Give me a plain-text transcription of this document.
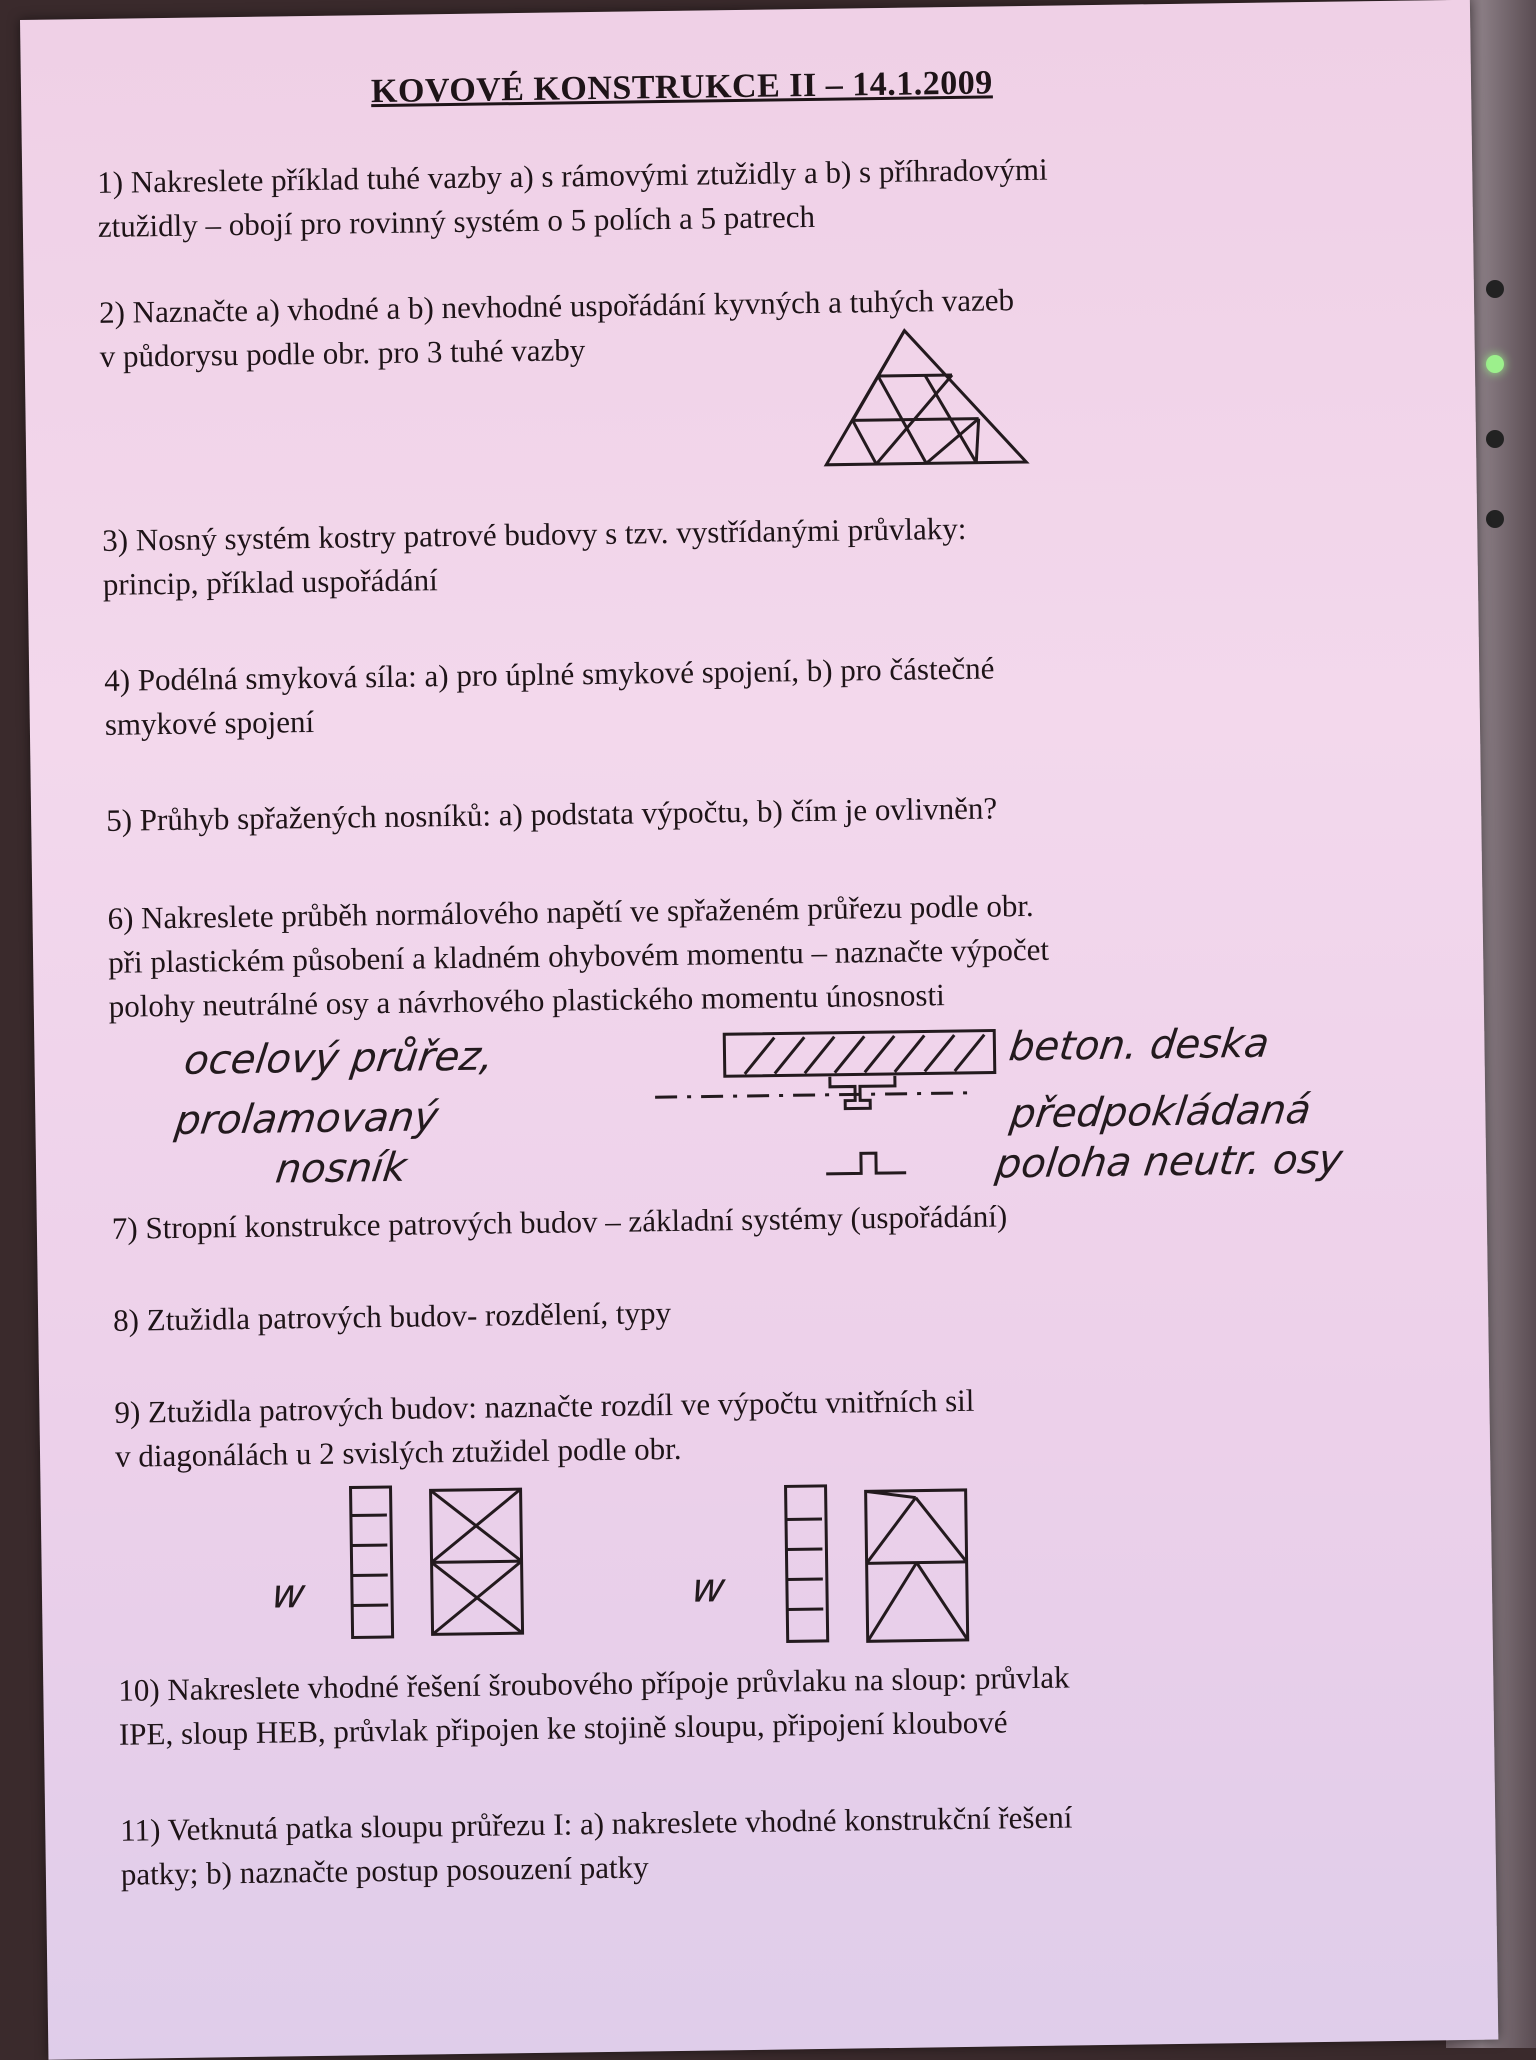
KOVOVÉ KONSTRUKCE II – 14.1.2009

1) Nakreslete příklad tuhé vazby a) s rámovými ztužidly a b) s příhradovými

ztužidly – obojí pro rovinný systém o 5 polích a 5 patrech

2) Naznačte a) vhodné a b) nevhodné uspořádání kyvných a tuhých vazeb

v půdorysu podle obr. pro 3 tuhé vazby

3) Nosný systém kostry patrové budovy s tzv. vystřídanými průvlaky:

princip, příklad uspořádání

4) Podélná smyková síla: a) pro úplné smykové spojení, b) pro částečné

smykové spojení

5) Průhyb spřažených nosníků: a) podstata výpočtu, b) čím je ovlivněn?

6) Nakreslete průběh normálového napětí ve spřaženém průřezu podle obr.

při plastickém působení a kladném ohybovém momentu – naznačte výpočet

polohy neutrálné osy a návrhového plastického momentu únosnosti

ocelový průřez,
prolamovaný
nosník
beton. deska
předpokládaná
poloha neutr. osy

7) Stropní konstrukce patrových budov – základní systémy (uspořádání)

8) Ztužidla patrových budov- rozdělení, typy

9) Ztužidla patrových budov: naznačte rozdíl ve výpočtu vnitřních sil

v diagonálách u 2 svislých ztužidel podle obr.

w	w

10) Nakreslete vhodné řešení šroubového přípoje průvlaku na sloup: průvlak

IPE, sloup HEB, průvlak připojen ke stojině sloupu, připojení kloubové

11) Vetknutá patka sloupu průřezu I: a) nakreslete vhodné konstrukční řešení

patky; b) naznačte postup posouzení patky
